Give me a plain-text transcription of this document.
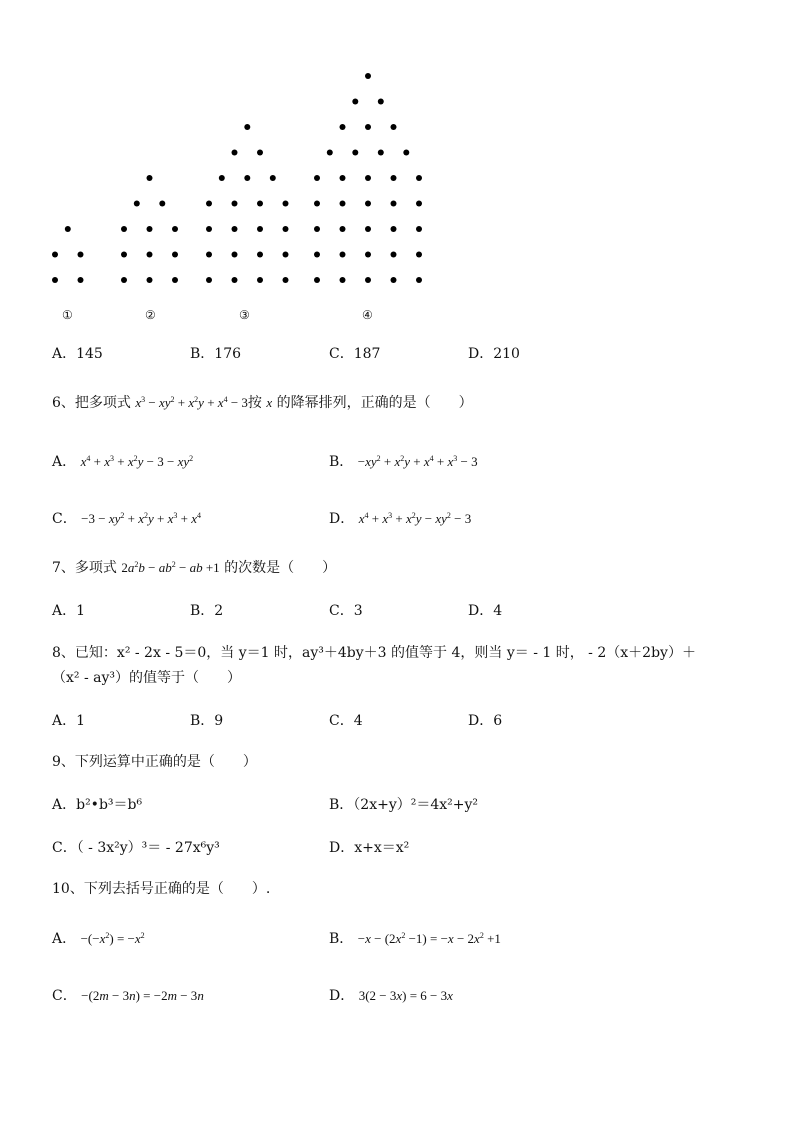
①	②	③	④
A．145	B．176	C．187	D．210
6、把多项式 $x^3 - xy^2 + x^2y + x^4 - 3$按 x 的降幂排列，正确的是（　　）
A． $x^4 + x^3 + x^2y - 3 - xy^2$	B． $-xy^2 + x^2y + x^4 + x^3 - 3$
C． $-3 - xy^2 + x^2y + x^3 + x^4$	D． $x^4 + x^3 + x^2y - xy^2 - 3$
7、多项式 $2a^2b - ab^2$ − ab +1 的次数是（　　）
A．1	B．2	C．3	D．4
8、已知：x² - 2x - 5＝0，当 y＝1 时，ay³＋4by＋3 的值等于 4，则当 y＝ - 1 时， - 2（x＋2by）＋
（x² - ay³）的值等于（　　）
A．1	B．9	C．4	D．6
9、下列运算中正确的是（　　）
A．b²•b³＝b⁶	B．（2x+y）²＝4x²+y²
C．（ - 3x²y）³＝ - 27x⁶y³	D．x+x＝x²
10、下列去括号正确的是（　　）.
A． $-(-x^2) = -x^2$	B． $-x - (2x^2 -1) = -x - 2x^2 +1$
C． −(2m − 3n) = −2m − 3n	D． 3(2 − 3x) = 6 − 3x
